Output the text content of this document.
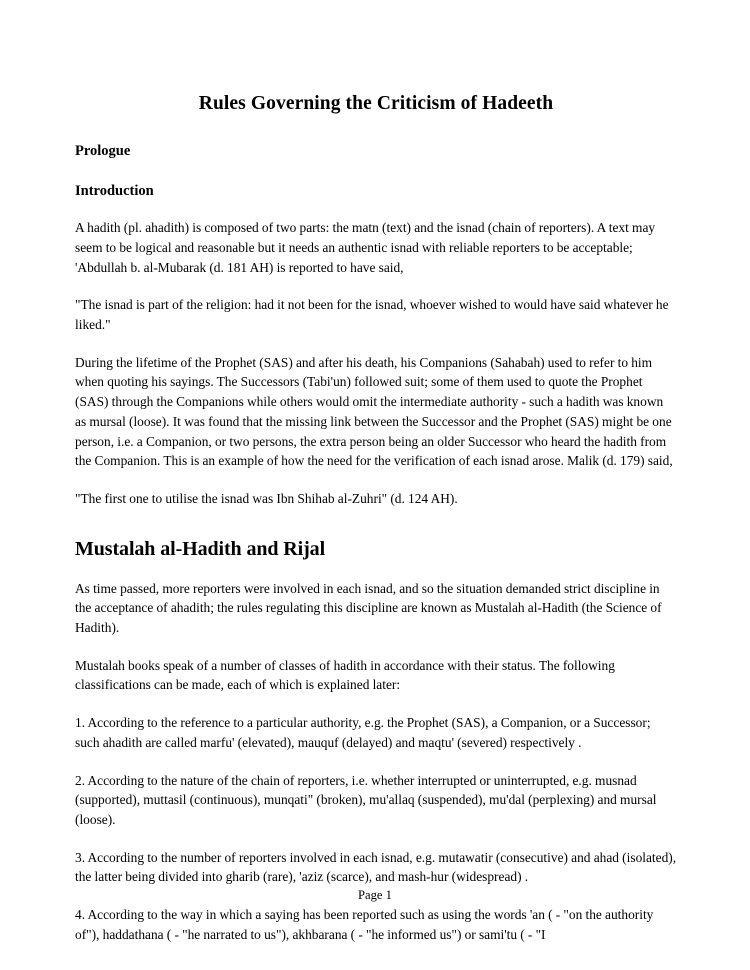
Rules Governing the Criticism of Hadeeth
Prologue
Introduction

A hadith (pl. ahadith) is composed of two parts: the matn (text) and the isnad (chain of reporters). A text may seem to be logical and reasonable but it needs an authentic isnad with reliable reporters to be acceptable; 'Abdullah b. al-Mubarak (d. 181 AH) is reported to have said,

"The isnad is part of the religion: had it not been for the isnad, whoever wished to would have said whatever he liked."

During the lifetime of the Prophet (SAS) and after his death, his Companions (Sahabah) used to refer to him when quoting his sayings. The Successors (Tabi'un) followed suit; some of them used to quote the Prophet (SAS) through the Companions while others would omit the intermediate authority - such a hadith was known as mursal (loose). It was found that the missing link between the Successor and the Prophet (SAS) might be one person, i.e. a Companion, or two persons, the extra person being an older Successor who heard the hadith from the Companion. This is an example of how the need for the verification of each isnad arose. Malik (d. 179) said,

"The first one to utilise the isnad was Ibn Shihab al-Zuhri" (d. 124 AH).

Mustalah al-Hadith and Rijal

As time passed, more reporters were involved in each isnad, and so the situation demanded strict discipline in the acceptance of ahadith; the rules regulating this discipline are known as Mustalah al-Hadith (the Science of Hadith).

Mustalah books speak of a number of classes of hadith in accordance with their status. The following classifications can be made, each of which is explained later:

1. According to the reference to a particular authority, e.g. the Prophet (SAS), a Companion, or a Successor; such ahadith are called marfu' (elevated), mauquf (delayed) and maqtu' (severed) respectively .

2. According to the nature of the chain of reporters, i.e. whether interrupted or uninterrupted, e.g. musnad (supported), muttasil (continuous), munqati" (broken), mu'allaq (suspended), mu'dal (perplexing) and mursal (loose).

3. According to the number of reporters involved in each isnad, e.g. mutawatir (consecutive) and ahad (isolated), the latter being divided into gharib (rare), 'aziz (scarce), and mash-hur (widespread) .

4. According to the way in which a saying has been reported such as using the words 'an ( - "on the authority of"), haddathana ( - "he narrated to us"), akhbarana ( - "he informed us") or sami'tu ( - "I

Page 1
